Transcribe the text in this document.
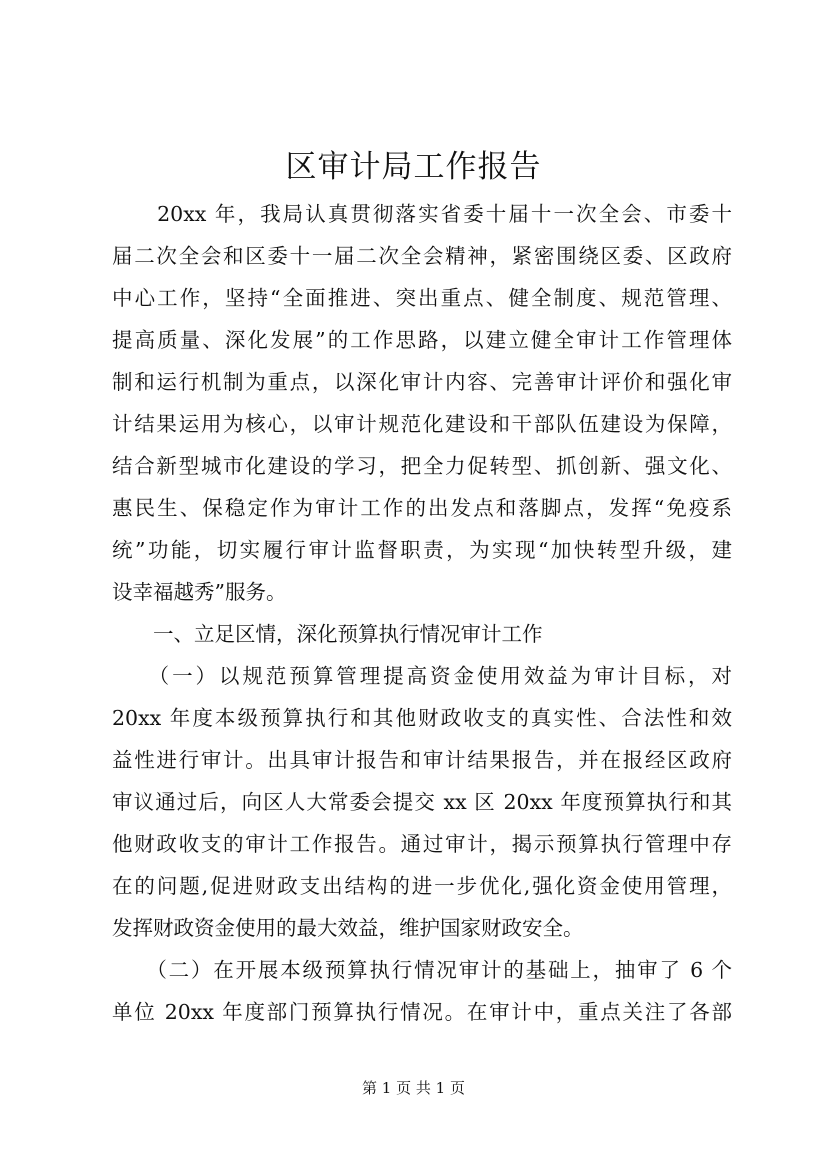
区审计局工作报告
　　20xx 年，我局认真贯彻落实省委十届十一次全会、市委十
届二次全会和区委十一届二次全会精神，紧密围绕区委、区政府
中心工作，坚持“全面推进、突出重点、健全制度、规范管理、
提高质量、深化发展”的工作思路，以建立健全审计工作管理体
制和运行机制为重点，以深化审计内容、完善审计评价和强化审
计结果运用为核心，以审计规范化建设和干部队伍建设为保障，
结合新型城市化建设的学习，把全力促转型、抓创新、强文化、
惠民生、保稳定作为审计工作的出发点和落脚点，发挥“免疫系
统”功能，切实履行审计监督职责，为实现“加快转型升级，建
设幸福越秀”服务。
　　一、立足区情，深化预算执行情况审计工作
　　（一）以规范预算管理提高资金使用效益为审计目标，对
20xx 年度本级预算执行和其他财政收支的真实性、合法性和效
益性进行审计。出具审计报告和审计结果报告，并在报经区政府
审议通过后，向区人大常委会提交 xx 区 20xx 年度预算执行和其
他财政收支的审计工作报告。通过审计，揭示预算执行管理中存
在的问题,促进财政支出结构的进一步优化,强化资金使用管理，
发挥财政资金使用的最大效益，维护国家财政安全。
　　（二）在开展本级预算执行情况审计的基础上，抽审了 6 个
单位 20xx 年度部门预算执行情况。在审计中，重点关注了各部
第 1 页 共 1 页
